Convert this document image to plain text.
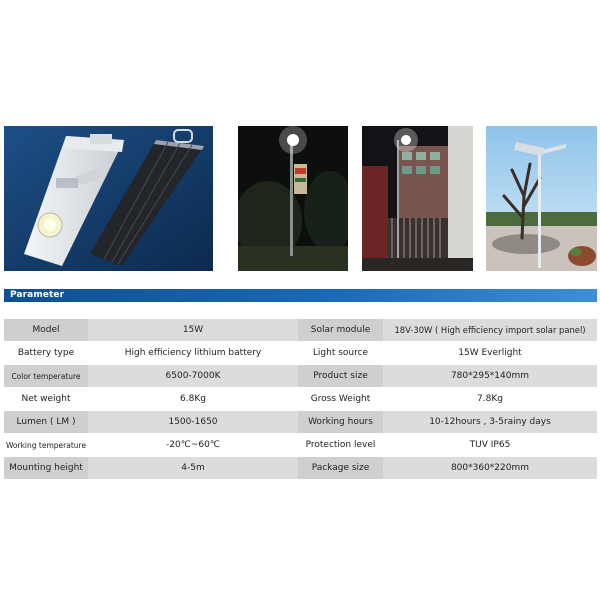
Parameter
Model	15W	Solar module	18V-30W ( High efficiency import solar panel)
Battery type	High efficiency lithium battery	Light source	15W Everlight
Color temperature	6500-7000K	Product size	780*295*140mm
Net weight	6.8Kg	Gross Weight	7.8Kg
Lumen ( LM )	1500-1650	Working hours	10-12hours , 3-5rainy days
Working temperature	-20℃~60℃	Protection level	TUV IP65
Mounting height	4-5m	Package size	800*360*220mm
